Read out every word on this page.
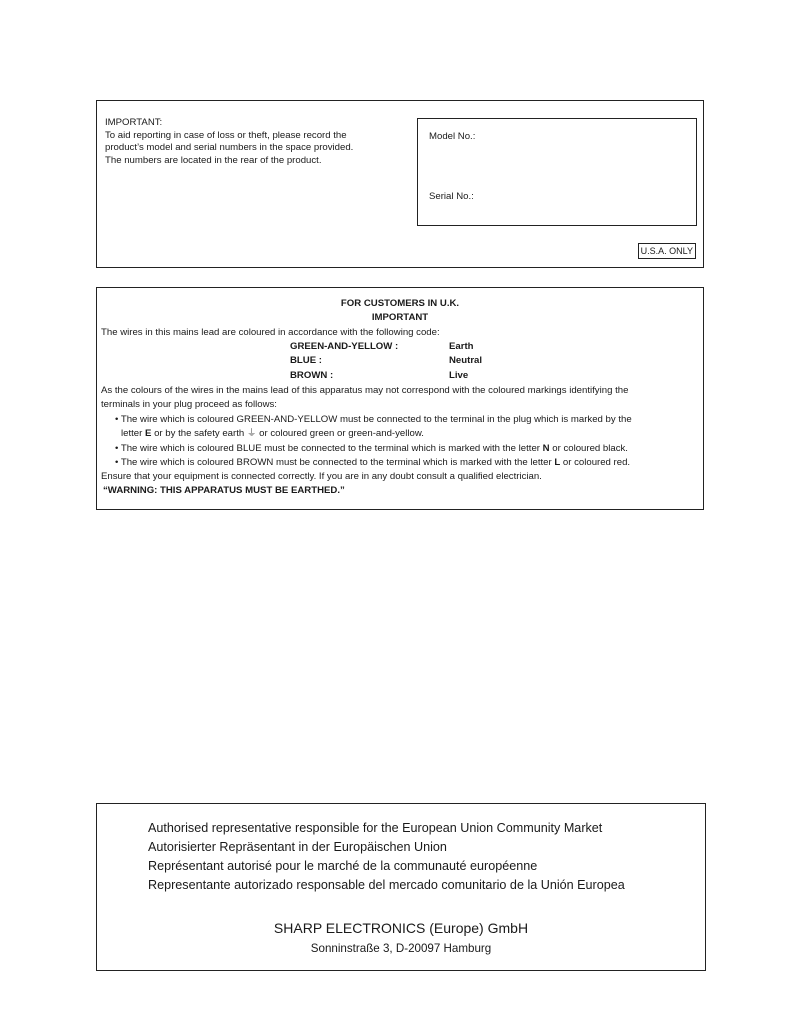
IMPORTANT:
To aid reporting in case of loss or theft, please record the
product’s model and serial numbers in the space provided.
The numbers are located in the rear of the product.
Model No.:
Serial No.:
U.S.A. ONLY
FOR CUSTOMERS IN U.K.
IMPORTANT
The wires in this mains lead are coloured in accordance with the following code:
GREEN-AND-YELLOW :	Earth
BLUE :	Neutral
BROWN :	Live
As the colours of the wires in the mains lead of this apparatus may not correspond with the coloured markings identifying the
terminals in your plug proceed as follows:
• The wire which is coloured GREEN-AND-YELLOW must be connected to the terminal in the plug which is marked by the
letter E or by the safety earth ⏚ or coloured green or green-and-yellow.
• The wire which is coloured BLUE must be connected to the terminal which is marked with the letter N or coloured black.
• The wire which is coloured BROWN must be connected to the terminal which is marked with the letter L or coloured red.
Ensure that your equipment is connected correctly. If you are in any doubt consult a qualified electrician.
“WARNING: THIS APPARATUS MUST BE EARTHED.”
Authorised representative responsible for the European Union Community Market
Autorisierter Repräsentant in der Europäischen Union
Représentant autorisé pour le marché de la communauté européenne
Representante autorizado responsable del mercado comunitario de la Unión Europea
SHARP ELECTRONICS (Europe) GmbH
Sonninstraße 3, D-20097 Hamburg
